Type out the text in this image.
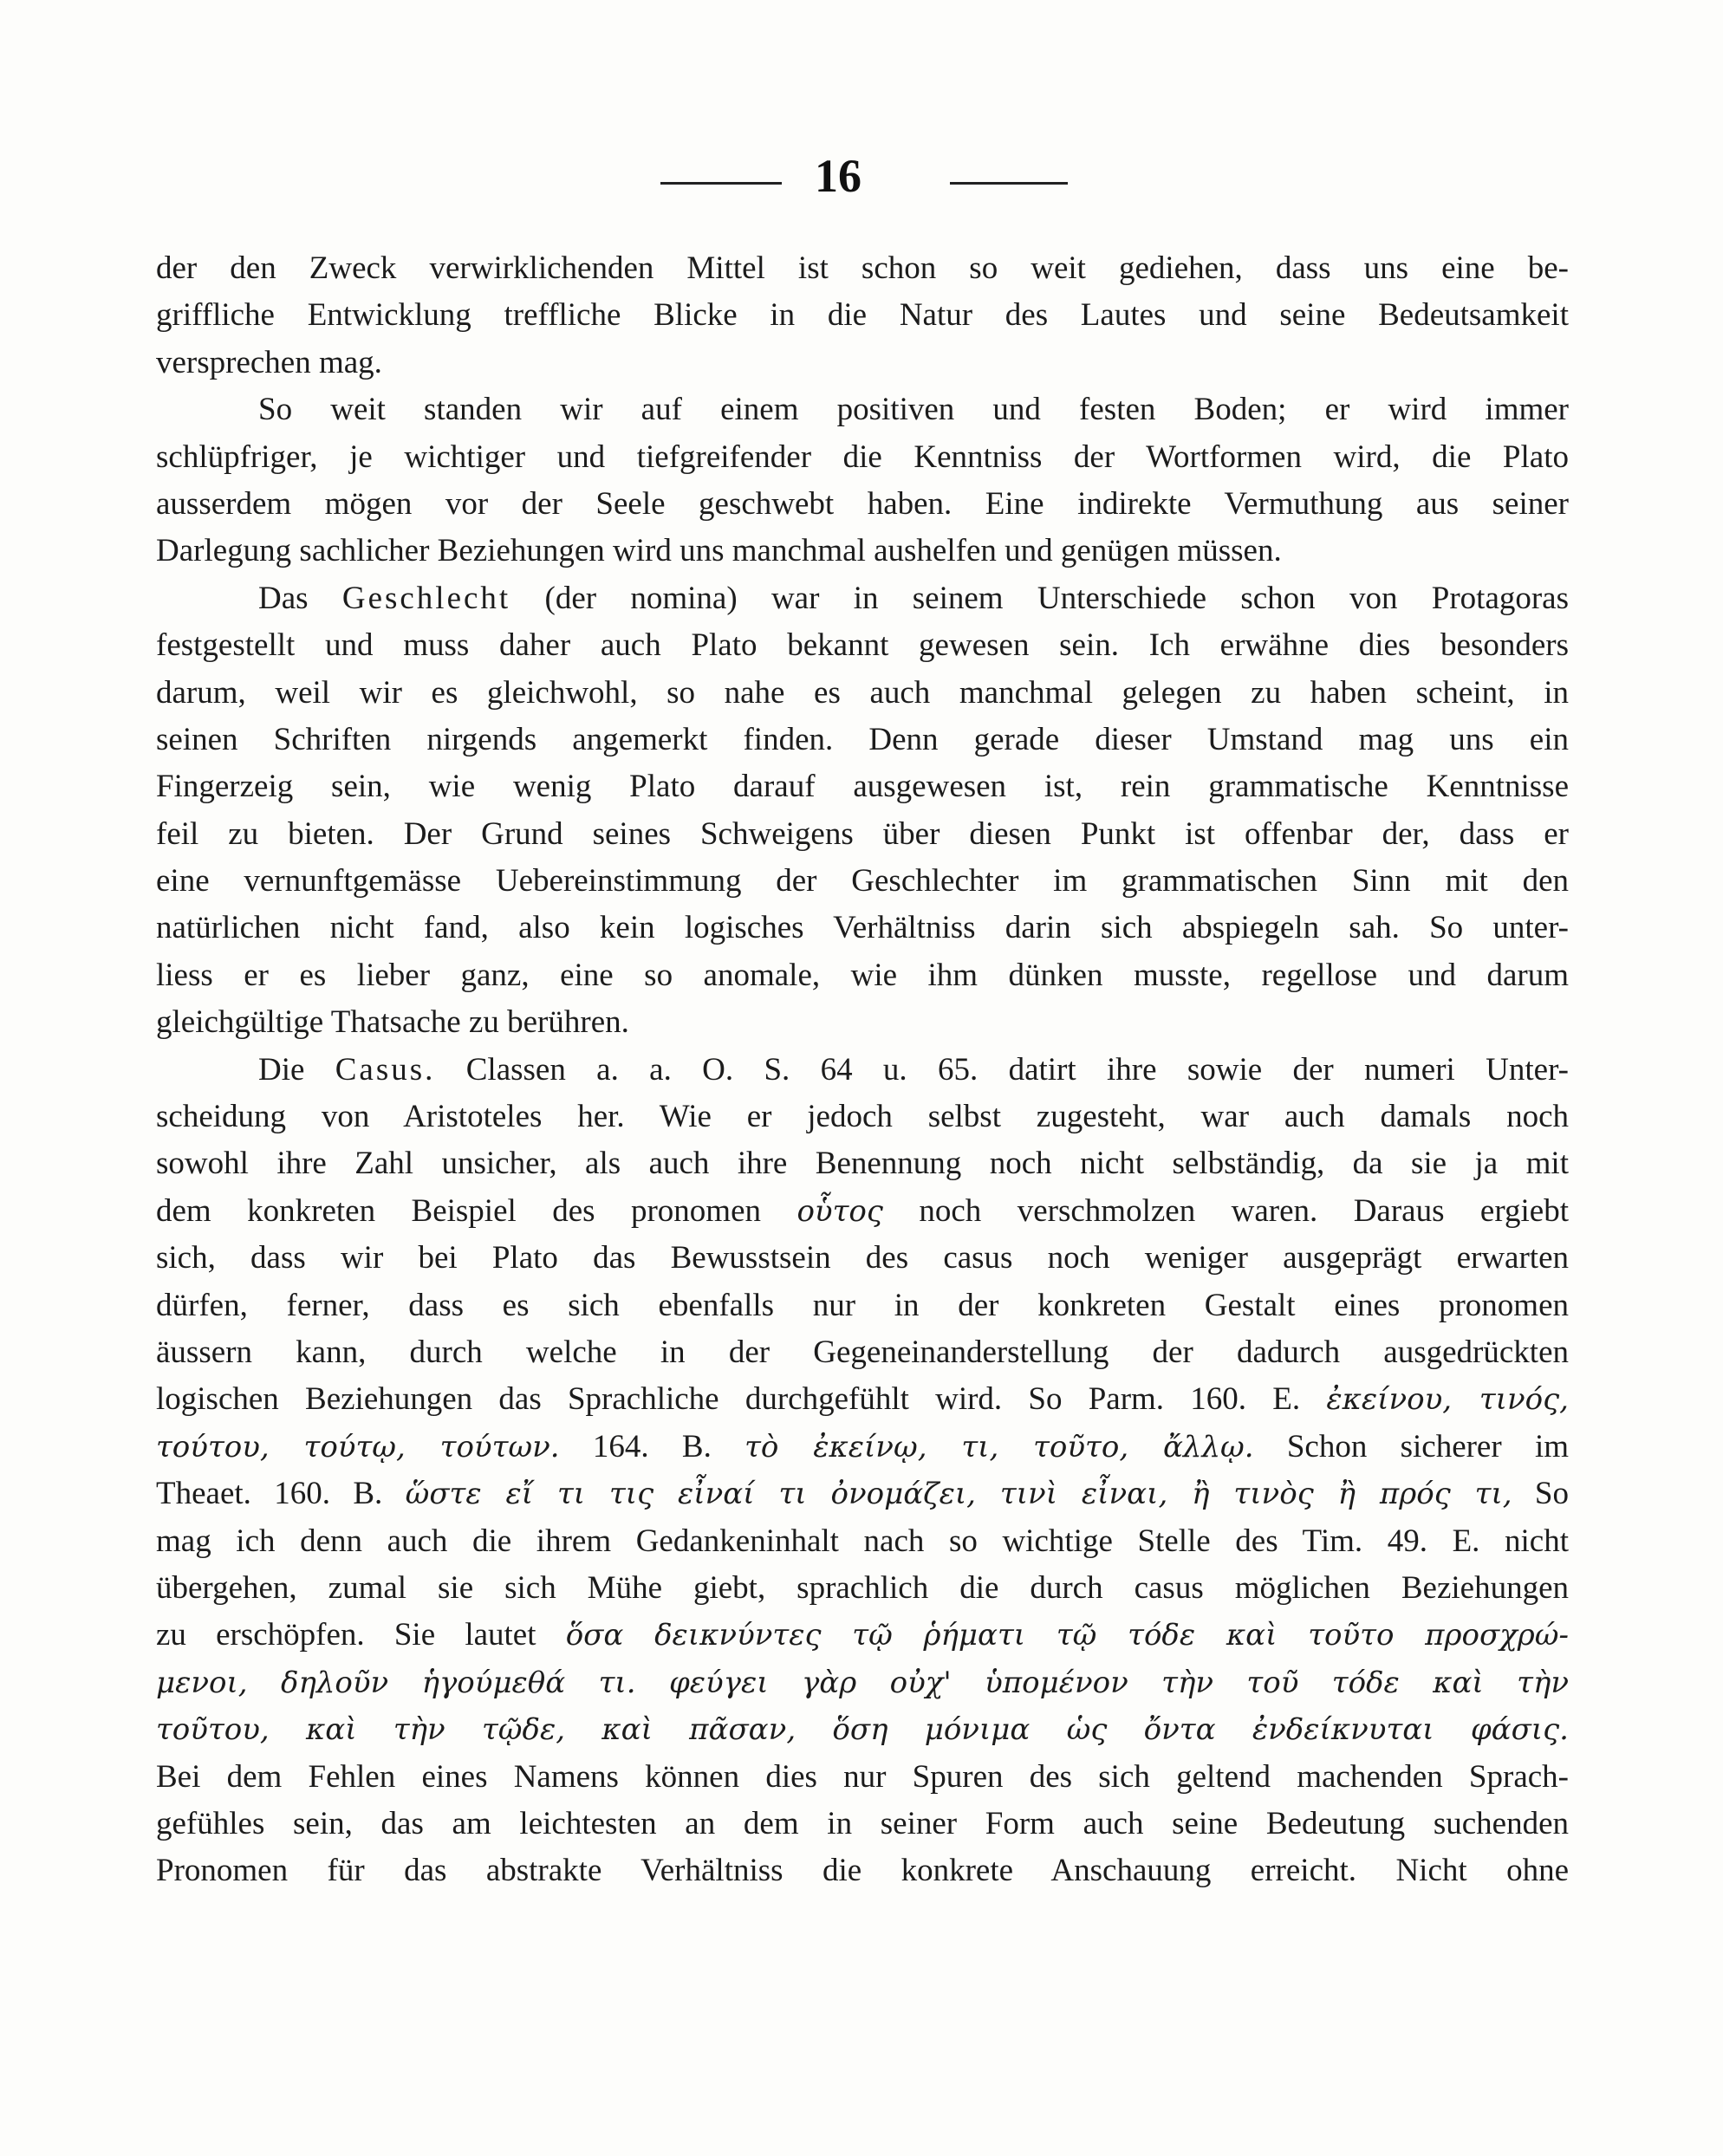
16
der den Zweck verwirklichenden Mittel ist schon so weit gediehen, dass uns eine be-
griffliche Entwicklung treffliche Blicke in die Natur des Lautes und seine Bedeutsamkeit
versprechen mag.
So weit standen wir auf einem positiven und festen Boden; er wird immer
schlüpfriger, je wichtiger und tiefgreifender die Kenntniss der Wortformen wird, die Plato
ausserdem mögen vor der Seele geschwebt haben. Eine indirekte Vermuthung aus seiner
Darlegung sachlicher Beziehungen wird uns manchmal aushelfen und genügen müssen.
Das Geschlecht (der nomina) war in seinem Unterschiede schon von Protagoras
festgestellt und muss daher auch Plato bekannt gewesen sein. Ich erwähne dies besonders
darum, weil wir es gleichwohl, so nahe es auch manchmal gelegen zu haben scheint, in
seinen Schriften nirgends angemerkt finden. Denn gerade dieser Umstand mag uns ein
Fingerzeig sein, wie wenig Plato darauf ausgewesen ist, rein grammatische Kenntnisse
feil zu bieten. Der Grund seines Schweigens über diesen Punkt ist offenbar der, dass er
eine vernunftgemässe Uebereinstimmung der Geschlechter im grammatischen Sinn mit den
natürlichen nicht fand, also kein logisches Verhältniss darin sich abspiegeln sah. So unter-
liess er es lieber ganz, eine so anomale, wie ihm dünken musste, regellose und darum
gleichgültige Thatsache zu berühren.
Die Casus. Classen a. a. O. S. 64 u. 65. datirt ihre sowie der numeri Unter-
scheidung von Aristoteles her. Wie er jedoch selbst zugesteht, war auch damals noch
sowohl ihre Zahl unsicher, als auch ihre Benennung noch nicht selbständig, da sie ja mit
dem konkreten Beispiel des pronomen οὗτος noch verschmolzen waren. Daraus ergiebt
sich, dass wir bei Plato das Bewusstsein des casus noch weniger ausgeprägt erwarten
dürfen, ferner, dass es sich ebenfalls nur in der konkreten Gestalt eines pronomen
äussern kann, durch welche in der Gegeneinanderstellung der dadurch ausgedrückten
logischen Beziehungen das Sprachliche durchgefühlt wird. So Parm. 160. E. ἐκείνου, τινός,
τούτου, τούτῳ, τούτων. 164. B. τὸ ἐκείνῳ, τι, τοῦτο, ἄλλῳ. Schon sicherer im
Theaet. 160. B. ὥστε εἴ τι τις εἶναί τι ὀνομάζει, τινὶ εἶναι, ἢ τινὸς ἢ πρός τι, So
mag ich denn auch die ihrem Gedankeninhalt nach so wichtige Stelle des Tim. 49. E. nicht
übergehen, zumal sie sich Mühe giebt, sprachlich die durch casus möglichen Beziehungen
zu erschöpfen. Sie lautet ὅσα δεικνύντες τῷ ῥήματι τῷ τόδε καὶ τοῦτο προσχρώ-
μενοι, δηλοῦν ἡγούμεθά τι. φεύγει γὰρ οὐχ' ὑπομένον τὴν τοῦ τόδε καὶ τὴν
τοῦτου, καὶ τὴν τῷδε, καὶ πᾶσαν, ὅση μόνιμα ὡς ὄντα ἐνδείκνυται φάσις.
Bei dem Fehlen eines Namens können dies nur Spuren des sich geltend machenden Sprach-
gefühles sein, das am leichtesten an dem in seiner Form auch seine Bedeutung suchenden
Pronomen für das abstrakte Verhältniss die konkrete Anschauung erreicht. Nicht ohne
